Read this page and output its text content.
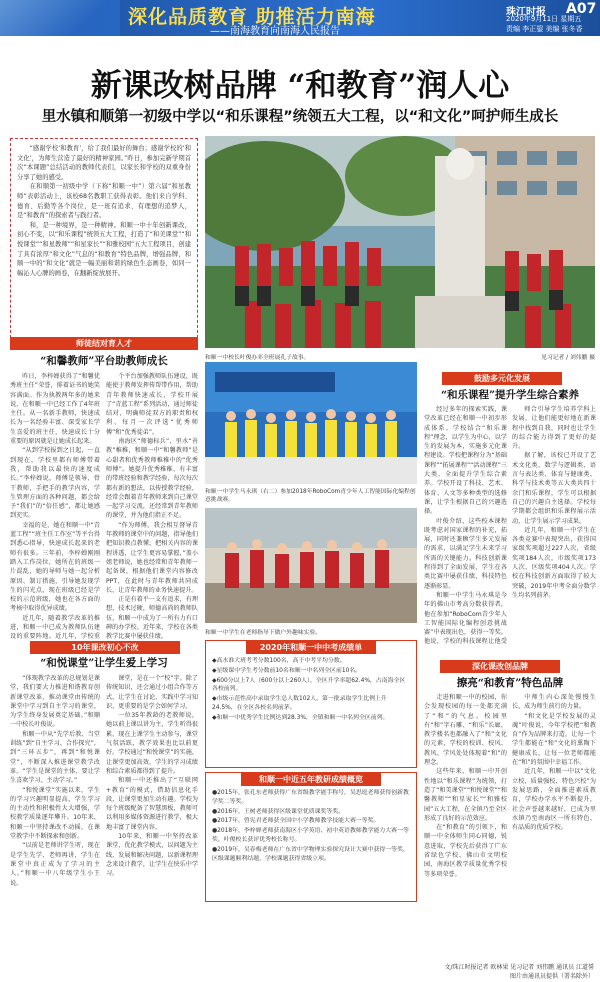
深化品质教育 助推活力南海
——南海教育向南海人民报告
珠江时报 A07
2020年9月11日 星期五
责编 李正鋆 美编 张冬香
新课改树品牌 “和教育”润人心
里水镇和顺第一初级中学以“和乐课程”统领五大工程，以“和文化”呵护师生成长

“感谢学校‘和教育’，给了我们最好的舞台；感谢学校的‘和文化’，为师生营造了最好的精神家园。”昨日，参加完新学期首次“本课题”总结活动的教师代表们，以家长和学校的双重身份分享了她的感受。

在和顺第一初级中学（下称“和顺一中”）第六届“和星教师”表彰活动上，该校68名教职工获得表彰。他们来自学科、德育、后勤等各个岗位，是一班有追求、有理想的追梦人，是“和教育”的探索者与践行者。

和，是一种境界，是一种精神。和顺一中十年创新课改，初心不变，以“和乐课程”统领五大工程，打造了“和美课堂”“和悦课堂”“和星教师”“和星家长”“和雅校园”五大工程项目，创建了具有浓厚“和文化”气息的“和教育”特色品牌，增强品牌，和顺一中的“和文化”就是一幅美丽和谐的绿色生态画卷，如同一幅沁人心脾的画卷，在翻新绽放展开。

和顺一中校长叶俊办率全班展孔子故事。	见习记者 / 刘伟鹏 摄
师徒结对育人才
“和馨教师”平台助教师成长

昨日，李梓婵获得了“和馨优秀班主任”荣誉，排着证书的她笑容满面。作为执教两年多的她来说，在和顺一中已经工作了4年班主任。从一名新手教师，快速成长为一名经验丰富、深受家长学生喜爱的班主任，快速成长十分重要的原因就是让她成长起来。

“从到学校报到之日起，一直到现在，学校里都有师傅带着我，帮助我以最快的速度成长。”李梓婵说，师傅是领导、骨干教师，手把手的教学内容，学生管理方面的各种问题，都会给予“我们”的“倍任感”，都让她感到充实。

幸福的是，她在和顺一中“青蓝工程”“班主任工作室”等平台得到悉心指导，快速成长起来的老师有很多。三年前，李梓婵刚刚踏入工作岗位，她所在的班级一片混乱，她的导师与她一起分析原因、制订措施，引导她发现学生的闪光点，现在班级已经是学校的示范班级，她也在各方面的考核中取得优异成绩。

近几年，随着教学改革的推进，和顺一中已成为教师队伍建设的重要阵地。近几年，学校重

个平台加强教师队伍建设，既能使于教师发挥传帮带作用，帮助青年教师快速成长，学校开展了“青蓝工程”系列活动，通过师徒结对，明确师徒双方的职责和权利，每月一次评选“优秀师傅”和“优秀徒弟”。

南海区“师德标兵”、里水“善教”稚稚，和顺一中“和馨教师”是心甜者和优秀教师稚稚中的“优秀师傅”。她提升优秀稚稚、有丰富的带班经验和教学经验，每次每次都有新的想法，以传授教学经验，经常会跟着青年教师来到自己课堂一起学习交流，还经常到青年教师的课堂，并为他们指正不足。

“作为师傅，我会相互督导青年教师的课堂中的问题，指导他们把知识教点教懂，把相关内容的课程讲透，让学生更容易掌握，”盖小姐老师说，她也经常和青年教师一起备课，根据他们课堂内容修改PPT，在此时与青年教师共同成长，让青年教师的业务快速提升。

正是有着平一支有追求，有理想，技术过硬，师德高尚的教师队伍，和顺一中成为了一所有力有口碑的办学校。近年来，学校在各类教学比赛中屡获佳绩。

和顺一中学生马永琪（右二）参加2018年RoboCom青少年人工智能国际化编程创意挑战赛。
和顺一中学生在老师指导下做户外趣味实验。
鼓励多元化发展
“和乐课程”提升学生综合素养

经过多年的探索实践，课堂改革已经在和顺一中初步形成体系。学校结合“和乐课程”理念，以学生为中心，以学生的发展为本，实施多元化课程建设。学校把课程分为“基础课程”“拓展课程”“活动课程”三大类，全面提升学生综合素养。学校开设了科技、艺术、体育、人文等多种类型的选修课，让学生根据自己的兴趣选择。

叶俊介绍，这些校本课程既考虑对国家课程的补充，拓展，同时还兼顾学生多元发展的需求，以满足学生未来学习所需的关键能力。科技创新课程得到了全面发展，学生在各类比赛中屡获佳绩，科技特色逐渐彰显。

和顺一中学生马永琪是今年的佛山市考高分数获得者，他在参加“RoboCom青少年人工智能国际化编程创意挑战赛”中表现出色，获得一等奖。他说，学校的科技课程让他受

师合引导学生培养学科上发展，让他们能更好地在新课程中找到自我，同时也让学生的综合能力得到了更好的提升。

据了解，该校已开设了艺术文化类、数学与逻辑类、语言与表达类、体育与健康类、科学与技术类等五大类共四十余门和乐课程，学生可以根据自己的兴趣自主选择。学校每学期都会组织和乐课程展示活动，让学生展示学习成果。

近几年，和顺一中学生在各类竞赛中表现突出，获得国家级奖项超过227人次，省级奖项184人次，市级奖项173人次，区级奖项404人次。学校在科技创新方面取得了较大突破，2019年中考全面分数学生均名列前茅。

2020年和顺一中中考成绩单

◆高水准大班考考分数100名，高于中考平均分数。

◆星级课中学生考分数前10名和顺一中名列全区前10名。

◆600分以上7人（600分以上260人），全区升学率超62.4%，占南海全区各校前列。

◆市级示范性高中录取学生总人数102人，第一批录取学生比例上升24.5%，在全区各校名列前茅。

◆和顺一中优秀学生比例达到28.3%，全镇和顺一中名列全区前列。

和顺一中近五年教研成绩概览

●2015年，张孔东老师获得广东省级教学能手称号，吴思庭老师获得创新教学奖二等奖。

●2016年，王树老师获得区级课堂优质课奖等奖。

●2017年，曾宪君老师获全国中小学教师教学技能大赛一等奖。

●2018年，李梓婵老师获南海区小学英语、初中英语教师教学能力大赛一等奖，叶俊校长获评优秀校长称号。

●2019年，吴春梅老师在广东省中学物理实验探究设计大赛中获得一等奖，区级课题顺利结题，学校课题获得省级立项。

10年课改初心不改
“和悦课堂”让学生爱上学习

“体现教学改革的总规划是课堂，我们要大力推进和谐教育创新课堂改革，推动课堂由传统的课堂中学习到自主学习的课堂，为学生终身发展奠定基础。”和顺一中校长叶俊说。

和顺一中从“先学后教、当堂训练”到“自主学习、合作探究”，到“三环五步”，再到“和悦课堂”，不断深入推进课堂教学改革。“学生是课堂的主体，要让学生喜欢学习、主动学习。”

“和悦课堂”实施以来，学生的学习兴趣明显提高，学生学习的主动性和积极性大大增强，学校教学质量逐年攀升。10年来，和顺一中坚持课改不动摇，在课堂教学中不断探索和创新。

“以前是老师讲学生听，现在是学生先学，老师再讲，学生在课堂中真正成为了学习的主人。”和顺一中八年级学生小王说。

课堂，是在一个“校”字。除了传统知识，还会通过小组合作等方式，让学生在讨论、实践中学习知识，更重要的是学会如何学习。

一位35年教龄的老教师说，她以前上课以讲为主，学生听得很累，现在上课学生主动参与，课堂气氛活跃，教学效果也比以前更好。学校通过“和悦课堂”的实施，让课堂更加高效，学生的学习成绩和综合素质都得到了提升。

和顺一中还推出了“互联网+教育”的模式，借助信息化手段，让课堂更加生动有趣。学校为每个班级配备了智慧黑板，教师可以利用多媒体资源进行教学，极大地丰富了课堂内容。

10年来，和顺一中坚持改革课堂，优化教学模式，以问题为主线，发展和解决问题，以新课程理念来设计教学，让学生在快乐中学习。

深化课改创品牌
擦亮“和教育”特色品牌

走进和顺一中的校园，你会发现校园的每一处都充满了“和”的气息。校园里有“和”字石雕、“和乐”长廊，教学楼名也都融入了“和”文化的元素，学校的校训、校风、教风、学风处处体现着“和”的理念。

这些年来，和顺一中开创性地以“和乐课程”为统领，打造了“和美课堂”“和悦课堂”“和馨教师”“和星家长”“和雅校园”五大工程，在全镇乃至全区形成了良好的示范效应。

在“和教育”的引领下，和顺一中全体师生同心同德，锐意进取，学校先后获得了广东省绿色学校、佛山市文明校园、南海区教学质量优秀学校等多项荣誉。

中师生内心深处慢慢生长，成为师生前行的力量。

“和文化是学校发展的灵魂”叶俊说，今年学校把“和教育”作为品牌来打造，让每一个学生都能在“和”文化的熏陶下健康成长，让每一位老师都能在“和”的氛围中幸福工作。

近几年，和顺一中以“文化立校、质量强校、特色兴校”为发展思路，全面推进素质教育，学校办学水平不断提升，社会声誉越来越好，已成为里水镇乃至南海区一所有特色、有品质的优质学校。

文/珠江时报记者 欧林果 见习记者 刘伟鹏 通讯员 江道誓
图片由通讯员提供（署名除外）
